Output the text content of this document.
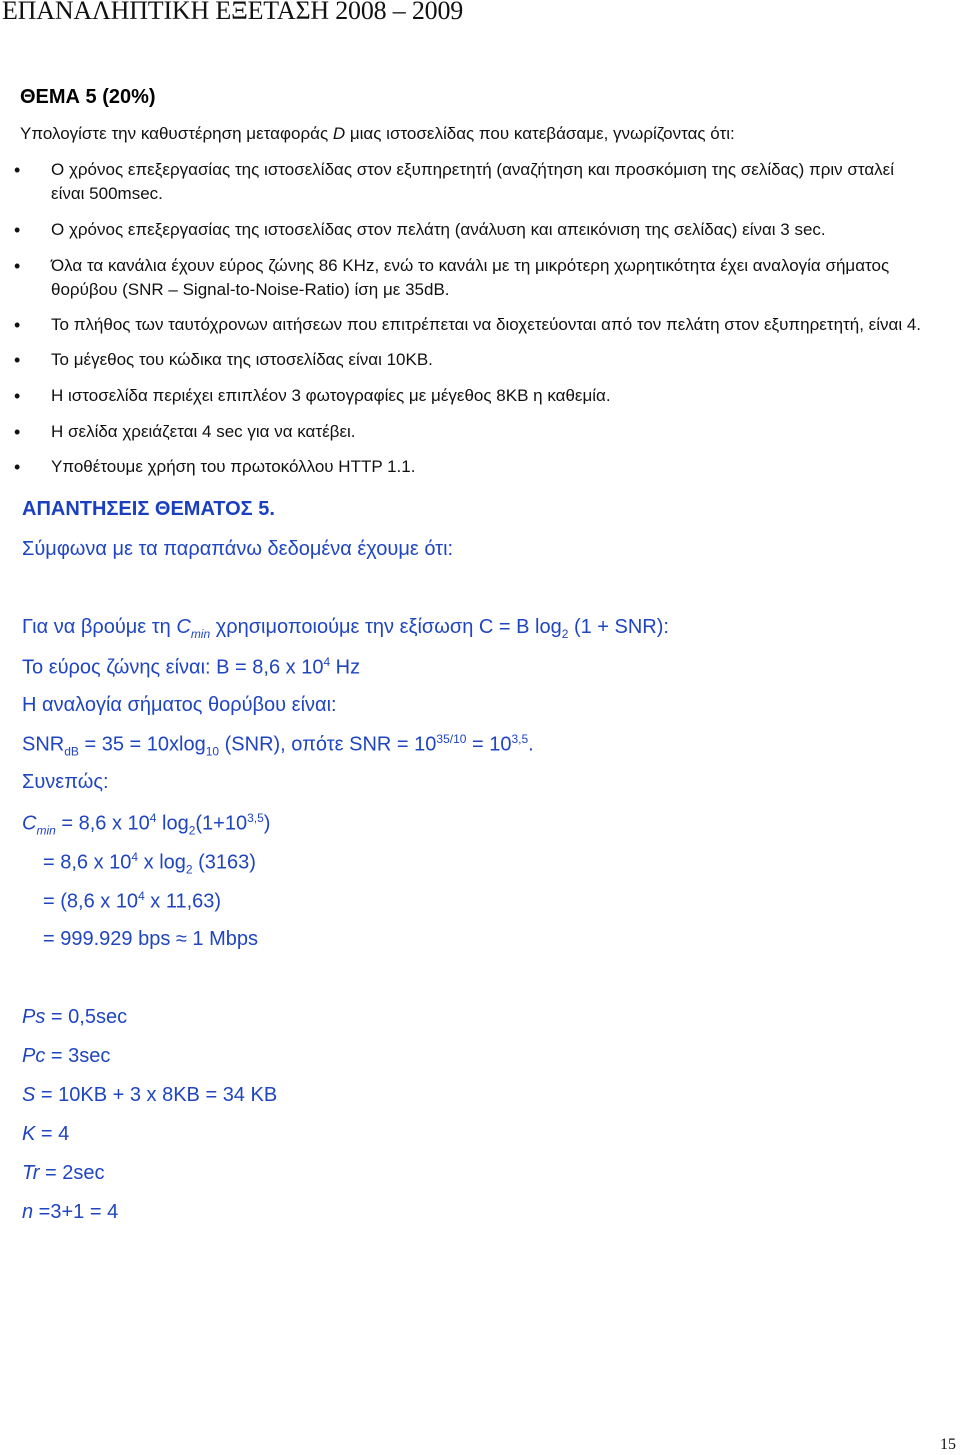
ΕΠΑΝΑΛΗΠΤΙΚΗ ΕΞΕΤΑΣΗ 2008 – 2009
ΘΕΜΑ 5 (20%)
Υπολογίστε την καθυστέρηση μεταφοράς D μιας ιστοσελίδας που κατεβάσαμε, γνωρίζοντας ότι:
• Ο χρόνος επεξεργασίας της ιστοσελίδας στον εξυπηρετητή (αναζήτηση και προσκόμιση της σελίδας) πριν σταλεί είναι 500msec.
• Ο χρόνος επεξεργασίας της ιστοσελίδας στον πελάτη (ανάλυση και απεικόνιση της σελίδας) είναι 3 sec.
• Όλα τα κανάλια έχουν εύρος ζώνης 86 KHz, ενώ το κανάλι με τη μικρότερη χωρητικότητα έχει αναλογία σήματος θορύβου (SNR – Signal-to-Noise-Ratio) ίση με 35dB.
• Το πλήθος των ταυτόχρονων αιτήσεων που επιτρέπεται να διοχετεύονται από τον πελάτη στον εξυπηρετητή, είναι 4.
• Το μέγεθος του κώδικα της ιστοσελίδας είναι 10KB.
• Η ιστοσελίδα περιέχει επιπλέον 3 φωτογραφίες με μέγεθος 8KB η καθεμία.
• Η σελίδα χρειάζεται 4 sec για να κατέβει.
• Υποθέτουμε χρήση του πρωτοκόλλου HTTP 1.1.
ΑΠΑΝΤΗΣΕΙΣ ΘΕΜΑΤΟΣ 5.
Σύμφωνα με τα παραπάνω δεδομένα έχουμε ότι:
Για να βρούμε τη $C_{min}$ χρησιμοποιούμε την εξίσωση C = B $\log_2 (1 + SNR)$:
Το εύρος ζώνης είναι: B = 8,6 x $10^4$ Hz
Η αναλογία σήματος θορύβου είναι:
$SNR_{dB} = 35 = 10xlog_{10}$ (SNR), οπότε SNR = $10^{35/10} = 10^{3,5}$.
Συνεπώς:
$C_{min} = 8,6$ x $10^4$ $\log_2(1+10^{3,5})$
= 8,6 x $10^4$ x $\log_2 (3163)$
= (8,6 x $10^4$ x 11,63)
= 999.929 bps ≈ 1 Mbps
Ps = 0,5sec
Pc = 3sec
S = 10KB + 3 x 8KB = 34 KB
K = 4
Tr = 2sec
n =3+1 = 4
15
